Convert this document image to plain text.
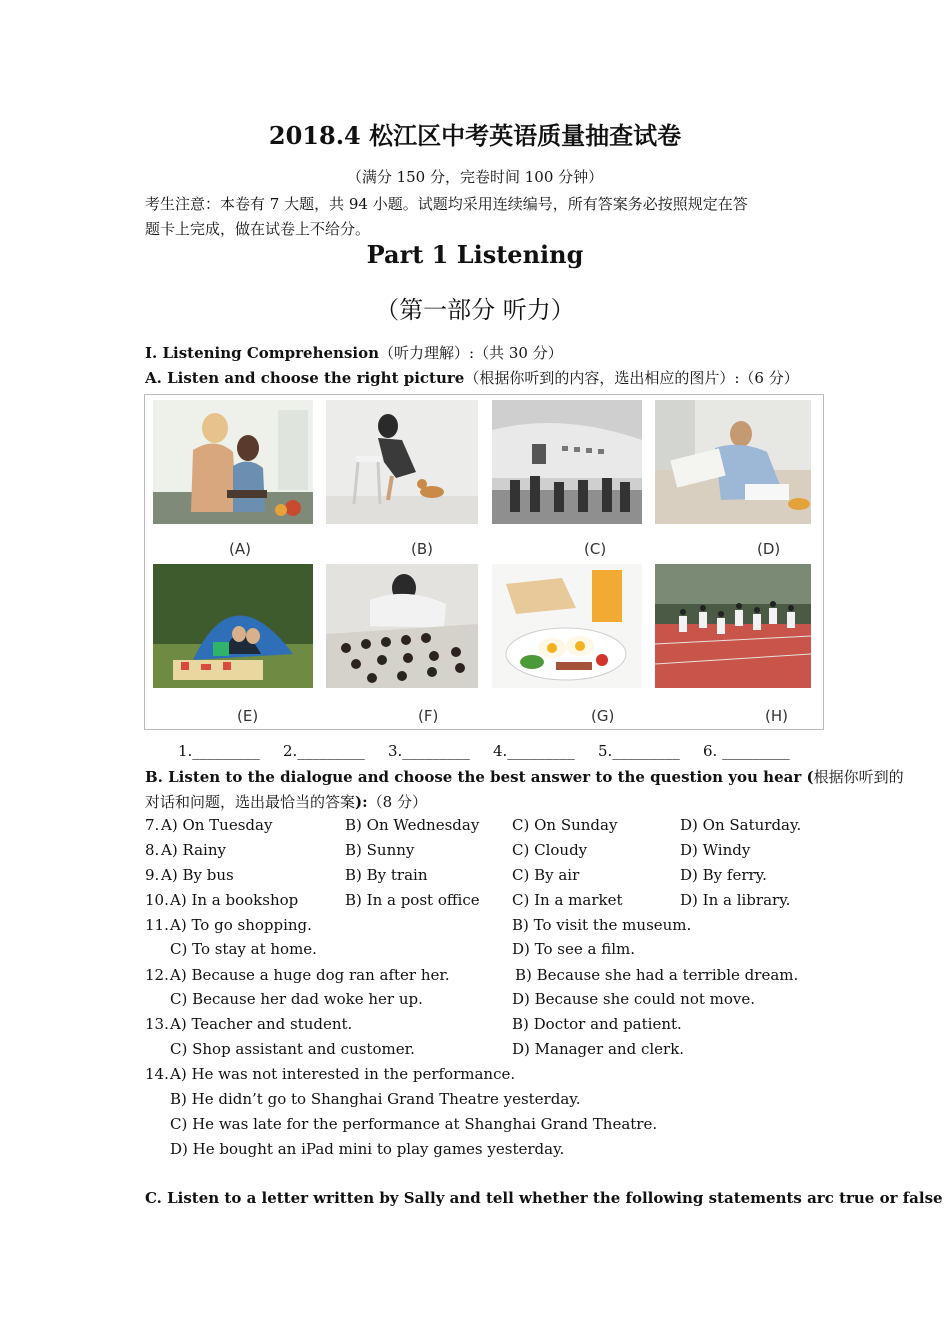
2018.4 松江区中考英语质量抽查试卷
（满分 150 分，完卷时间 100 分钟）
考生注意：本卷有 7 大题，共 94 小题。试题均采用连续编号，所有答案务必按照规定在答
题卡上完成，做在试卷上不给分。
Part 1 Listening
（第一部分 听力）
I. Listening Comprehension（听力理解）:（共 30 分）
A. Listen and choose the right picture（根据你听到的内容，选出相应的图片）:（6 分）
(A)	(B)	(C)	(D)
(E)	(F)	(G)	(H)
1._________ 2._________ 3._________ 4._________ 5._________ 6. _________
B. Listen to the dialogue and choose the best answer to the question you hear (根据你听到的
对话和问题，选出最恰当的答案):（8 分）
7. A) On Tuesday	B) On Wednesday C) On Sunday	D) On Saturday.
8. A) Rainy	B) Sunny	C) Cloudy	D) Windy
9. A) By bus	B) By train	C) By air	D) By ferry.
10. A) In a bookshop	B) In a post office C) In a market	D) In a library.
11. A) To go shopping.	B) To visit the museum.
C) To stay at home.	D) To see a film.
12. A) Because a huge dog ran after her.	B) Because she had a terrible dream.
C) Because her dad woke her up.	D) Because she could not move.
13. A) Teacher and student.	B) Doctor and patient.
C) Shop assistant and customer.	D) Manager and clerk.
14. A) He was not interested in the performance.
B) He didn’t go to Shanghai Grand Theatre yesterday.
C) He was late for the performance at Shanghai Grand Theatre.
D) He bought an iPad mini to play games yesterday.
C. Listen to a letter written by Sally and tell whether the following statements arc true or false
